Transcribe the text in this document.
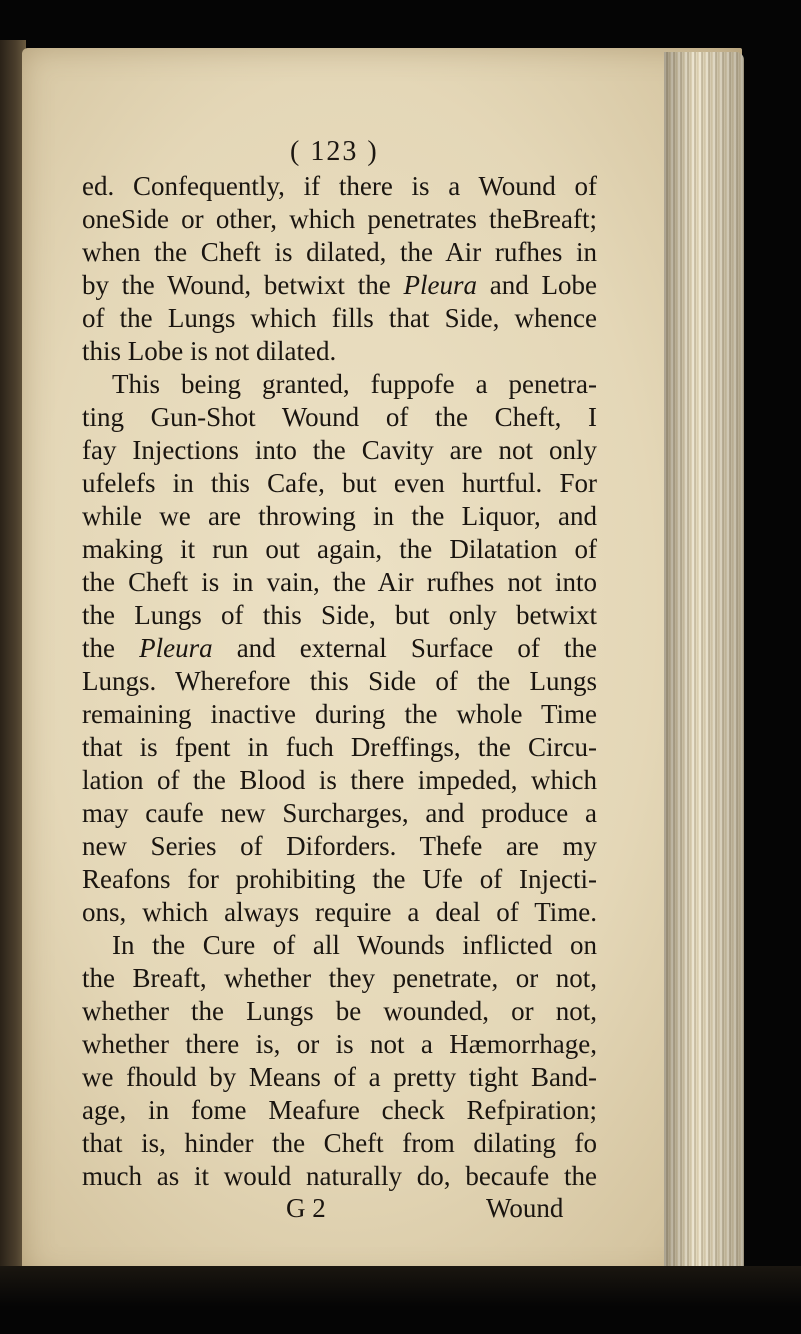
( 123 )
ed. Confequently, if there is a Wound of
oneSide or other, which penetrates theBreaft;
when the Cheft is dilated, the Air rufhes in
by the Wound, betwixt the Pleura and Lobe
of the Lungs which fills that Side, whence
this Lobe is not dilated.
This being granted, fuppofe a penetra-
ting Gun-Shot Wound of the Cheft, I
fay Injections into the Cavity are not only
ufelefs in this Cafe, but even hurtful. For
while we are throwing in the Liquor, and
making it run out again, the Dilatation of
the Cheft is in vain, the Air rufhes not into
the Lungs of this Side, but only betwixt
the Pleura and external Surface of the
Lungs. Wherefore this Side of the Lungs
remaining inactive during the whole Time
that is fpent in fuch Dreffings, the Circu-
lation of the Blood is there impeded, which
may caufe new Surcharges, and produce a
new Series of Diforders. Thefe are my
Reafons for prohibiting the Ufe of Injecti-
ons, which always require a deal of Time.
In the Cure of all Wounds inflicted on
the Breaft, whether they penetrate, or not,
whether the Lungs be wounded, or not,
whether there is, or is not a Hæmorrhage,
we fhould by Means of a pretty tight Band-
age, in fome Meafure check Refpiration;
that is, hinder the Cheft from dilating fo
much as it would naturally do, becaufe the
G 2	Wound
